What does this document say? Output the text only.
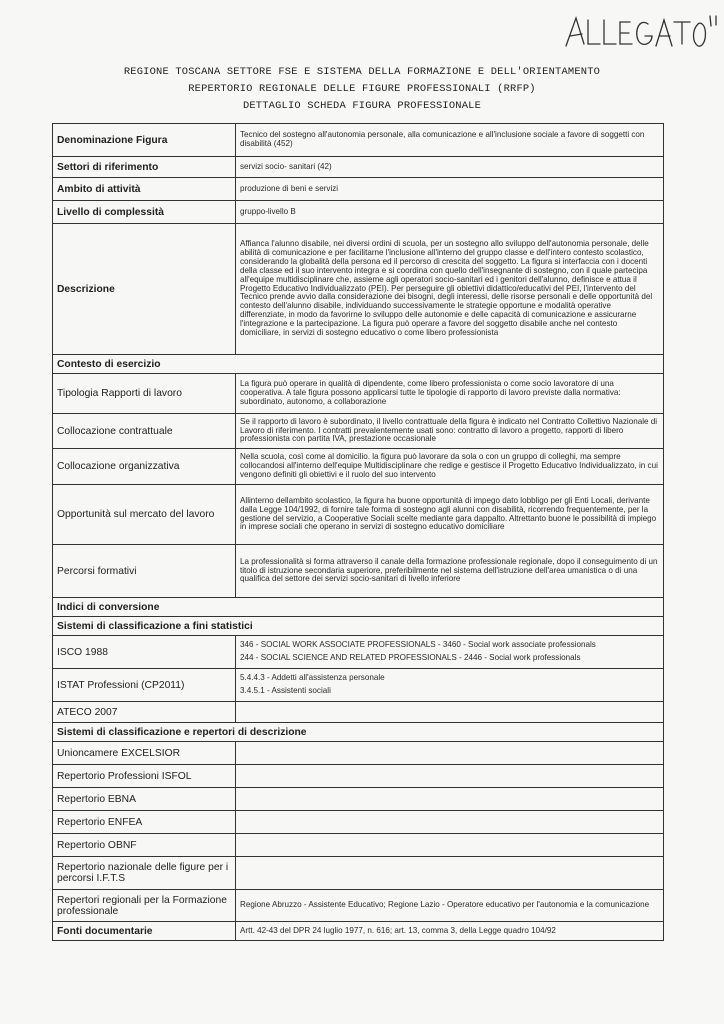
REGIONE TOSCANA SETTORE FSE E SISTEMA DELLA FORMAZIONE E DELL'ORIENTAMENTO
REPERTORIO REGIONALE DELLE FIGURE PROFESSIONALI (RRFP)
DETTAGLIO SCHEDA FIGURA PROFESSIONALE
Denominazione Figura	Tecnico del sostegno all'autonomia personale, alla comunicazione e all'inclusione sociale a favore di soggetti con disabilità (452)
Settori di riferimento	servizi socio- sanitari (42)
Ambito di attività	produzione di beni e servizi
Livello di complessità	gruppo-livello B
Descrizione	Affianca l'alunno disabile, nei diversi ordini di scuola, per un sostegno allo sviluppo dell'autonomia personale, delle abilità di comunicazione e per facilitarne l'inclusione all'interno del gruppo classe e dell'intero contesto scolastico, considerando la globalità della persona ed il percorso di crescita del soggetto. La figura si interfaccia con i docenti della classe ed il suo intervento integra e si coordina con quello dell'insegnante di sostegno, con il quale partecipa all'equipe multidisciplinare che, assieme agli operatori socio-sanitari ed i genitori dell'alunno, definisce e attua il Progetto Educativo Individualizzato (PEI). Per perseguire gli obiettivi didattico/educativi del PEI, l'intervento del Tecnico prende avvio dalla considerazione dei bisogni, degli interessi, delle risorse personali e delle opportunità del contesto dell'alunno disabile, individuando successivamente le strategie opportune e modalità operative differenziate, in modo da favorirne lo sviluppo delle autonomie e delle capacità di comunicazione e assicurarne l'integrazione e la partecipazione. La figura può operare a favore del soggetto disabile anche nel contesto domiciliare, in servizi di sostegno educativo o come libero professionista
Contesto di esercizio	
Tipologia Rapporti di lavoro	La figura può operare in qualità di dipendente, come libero professionista o come socio lavoratore di una cooperativa. A tale figura possono applicarsi tutte le tipologie di rapporto di lavoro previste dalla normativa: subordinato, autonomo, a collaborazione
Collocazione contrattuale	Se il rapporto di lavoro è subordinato, il livello contrattuale della figura è indicato nel Contratto Collettivo Nazionale di Lavoro di riferimento. I contratti prevalentemente usati sono: contratto di lavoro a progetto, rapporti di libero professionista con partita IVA, prestazione occasionale
Collocazione organizzativa	Nella scuola, così come al domicilio. la figura può lavorare da sola o con un gruppo di colleghi, ma sempre collocandosi all'interno dell'equipe Multidisciplinare che redige e gestisce il Progetto Educativo Individualizzato, in cui vengono definiti gli obiettivi e il ruolo del suo intervento
Opportunità sul mercato del lavoro	Allinterno dellambito scolastico, la figura ha buone opportunità di impego dato lobbligo per gli Enti Locali, derivante dalla Legge 104/1992, di fornire tale forma di sostegno agli alunni con disabilità, ricorrendo frequentemente, per la gestione del servizio, a Cooperative Sociali scelte mediante gara dappalto. Altrettanto buone le possibilità di impiego in imprese sociali che operano in servizi di sostegno educativo domiciliare
Percorsi formativi	La professionalità si forma attraverso il canale della formazione professionale regionale, dopo il conseguimento di un titolo di istruzione secondaria superiore, preferibilmente nel sistema dell'istruzione dell'area umanistica o di una qualifica del settore dei servizi socio-sanitari di livello inferiore
Indici di conversione	
Sistemi di classificazione a fini statistici	
ISCO 1988	346 - SOCIAL WORK ASSOCIATE PROFESSIONALS - 3460 - Social work associate professionals
244 - SOCIAL SCIENCE AND RELATED PROFESSIONALS - 2446 - Social work professionals

ISTAT Professioni (CP2011)	5.4.4.3 - Addetti all'assistenza personale
3.4.5.1 - Assistenti sociali

ATECO 2007	
Sistemi di classificazione e repertori di descrizione	
Unioncamere EXCELSIOR	
Repertorio Professioni ISFOL	
Repertorio EBNA	
Repertorio ENFEA	
Repertorio OBNF	
Repertorio nazionale delle figure per i percorsi I.F.T.S	
Repertori regionali per la Formazione professionale	Regione Abruzzo - Assistente Educativo; Regione Lazio - Operatore educativo per l'autonomia e la comunicazione
Fonti documentarie	Artt. 42-43 del DPR 24 luglio 1977, n. 616; art. 13, comma 3, della Legge quadro 104/92
